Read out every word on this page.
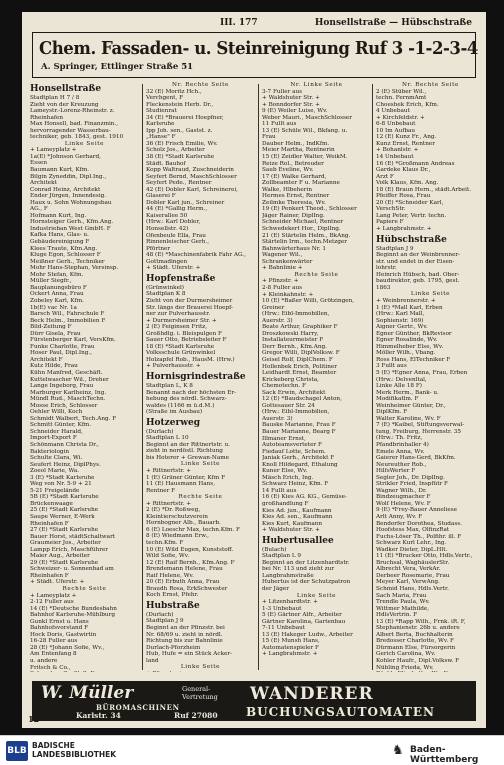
III. 177	Honsellstraße — Hübschstraße
Chem. Fassaden- u. Steinreinigung Ruf 3 -1-2-3-4
A. Springer, Ettlinger Straße 51
Honsellstraße
Stadtplan H 7 / 8
Zieht von der Kreuzung
Lameystr.-Lorenz-Rheinstr. z.
Rheinhafen
Max Honsell, bad. Finanzmin.,
hervorragender Wasserbau-
techniker, geb. 1843, gest. 1910
Linke Seite
+ Lameyplatz +
1a(E) *Johnson Gerhard,
Essen
Baumann Kurt, Kfm.
Bilgin Zyneddin, Dipl.Ing.,
Architekt
Conrad Heinz, Architekt
Ender Jürgen, Innendesig.
Haux u. Sohn Wohnungsbau
AG., F
Hofmann Kurt, Ing.
Hornsteiger Gerh., Kfm.Ang.
Industrieban West GmbH. F
Kafka Hans, Glas- u.
Gebäudereinigung F
Klees Traute, Kfm.Ang.
Kluge Egon, Schlosser F
Meißner Gerh., Techniker
Mohr Hans-Stephan, Versinsp.
Mohr Stefan, Kfm.
Müller Siegfr.,
Bauplanungsbüro F
Ockert Anna, Frau
Zobeley Karl, Kfm.
1b(E) vac Nr. 1a
Barsch Wil., Fahrschule F
Beck Helm., Immobilien F
Bild-Zeitung F
Dürr Gisela, Frau
Fürstenberger Karl, VersKfm.
Funke Charlotte, Frau
Hoser Paul, Dipl.Ing.,
Architekt F
Kutz Hilde, Frau
Kühn Manfred, Geschäft.
Kuttelwascher Wil., Dreher
Lange Ingeborg, Frau
Marburger Karlheinz, Ing.
Mündl Rud., MaschTechn.
Mosse Erich, Schlosser
Oehler Willi, Koch
Schmidt Walbert, Tech.Ang. F
Schmitt Günter, Kfm.
Schneider Harald,
Import-Export F
Schönmann Christa Dr.,
Bakteriologin
Schulte Clara, Wi.
Seufert Heinz, DiplPhys.
Zoeol Marie, Wa.
3 (E) *Stadt Karlsruhe
Weg von Nr. 5-9 + 21
5-21 Freigelände
5B (E) *Stadt Karlsruhe
Brückenwaage
25 (E) *Stadt Karlsruhe
Saupe Werner, E-Werk
Rheinhafen F
27 (E) *Stadt Karlsruhe
Bauer Horst, städtSchaltwart
Graumeier Jos., Arbeiter
Lampp Erich, Maschführer
Maier Aug., Arbeiter
29 (E) *Stadt Karlsruhe
Schweizer- u. Sonnenbad am
Rheinhafen F
+ Städt. Uferstr. +
Rechte Seite
+ Lameyplatz +
2-12 Fuller aus
14 (E) *Deutsche Bundesbahn
Bahnhof Karlsruhe-Mühlburg
Gunkl Ernst u. Hans
Bahnhofsvorstand F
Hock Doris, Gastwirtin
16-28 Fuller aus
28 (E) *Johann Sofie, Wv.,
Am Entenfang 8
u. andere
Fritsch & Co.,
Nr. Rechte Seite
32 (E) Moritz Hch.,
Verchgent, F
Fleckenstein Herb. Dr.,
Studienrat
34 (E) *Brauerei Hoepfner,
Karlsruhe
Ipp Joh. sen., Gastst. z.
„Hanse" F
36 (E) Frisch Emilie, Wv.
Scholz Jos., Arbeiter
38 (E) *Stadt Karlsruhe
Städt. Bauhof
Kopp Waltraud, Zuschneiderin
Seyfert Bernd, MaschSchlosser
Seyfert Pede., Rentner
42 (E) Dobler Karl, Schreinerei,
Glaserei F
Dobler Karl jun., Schreiner
44 (E) *Gallig Herm.,
Kaiserallee 50
(Hrw.: Karl Dobler,
Honsellstr. 42)
Ofenbeule Ella, Frau
Rinnenleischer Gerh.,
Pförtner
48 (E) *Maschinenfabrik Fahr AG.,
Gottmadingen
+ Städt. Uferstr. +
Hopfenstraße
(Grünwinkel)
Stadtplan K 8
Zieht von der Durmersheimer
Str. längs der Brauerei Hoepf-
ner zur Pulverhausstr.
+ Durmersheimer Str. +
2 (E) Feiginsen Fritz,
Großhdlg. i. Bleispulgen F
Sauer Otto, Betriebsleiter F
18 (E) *Stadt Karlsruhe
Volksschule Grünwinkel
Holzapfel Rob., HausM. (Hrw.)
+ Pulverhausstr. +
Hornisgrindestraße
Stadtplan L, K 8
Benannt nach der höchsten Er-
hebung des nördl. Schwarz-
waldes (1166 m ü.d.M.)
(Straße im Ausbau)
Hotzerweg
(Durlach)
Stadtplan L 10
Beginnt an der Rittnertstr. u.
zieht in nordöstl. Richtung
bis Hoterer + Grewan-Name
Linke Seite
+ Rittnertstr. +
1 (E) Grüner Günter, Kfm F
11 (E) Hausmann Hans,
Rentner F
Rechte Seite
+ Rittnertstr. +
2 (E) *Dr. Roßweg,
Kleintierschutzverein
Hornbogner Alb., Bauarb.
6 (E) Loeschr Max, techn.Kfm. F
8 (E) Wiedmann Erw.,
techn.Kfm. F
10 (E) Wild Eugen, Kunststoff.
Wild Sofie, Wv.
12 (E) Raif Bernh., Kfm.Ang. F
Brendemann Helene, Frau
Raif Helene, Wv.
20 (E) Erbuth Anna, Frau
Braudh Rosa, ErkSchwester
Koch Ernst, Pfehr.
Hubstraße
(Durlach)
Stadtplan J 9
Beginnt an der Pfinzstr. bei
Nr. 68/69 u. zieht in nördl.
Richtung bis zur Bahnlinie
Durlach-Pforzheim
Hub, Hufe = ein Stück Acker-
land
Linke Seite
Nr. Linke Seite
3-7 Fuller aus
+ Waldshuter Str. +
+ Bonndorfer Str. +
9 (E) Weiler Luise, Wv.
Weber Mauri., MaschSchlosser
11 Fullt aus
13 (E) Schüle Wil., Bkfang. u.
Frau
Dauber Helm., IndKfm.
Meier Martha, Rentnerin
15 (E) Zeidler Walter, WeikM.
Reize Rol., Betreuder
Saub Eveline, Wv.
17 (E) Walke Gerhard,
Zollbeamter F u. Marianne
Walke, Hlbeherin
Hermes Ernst, Rentner
Zeilmke Theresia, Wv.
19 (E) Penkert Theod., Schlosser
Jäger Rainer, DiplIng.
Schneider Michael, Rentner
Schwedekert Hor., DiplIng.
21 (E) Stärtelin Helm., BkAng.
Stärtelin Irm., techn.Metzger
Bahnwärterhaus Nr. 1
Wagener Wil.,
Schrankenwärter
+ Bahnlinie +
Rechte Seite
+ Pfinzstr. +
2-8 Fuller aus
+ Kleinkahnstr. +
10 (E) *Baßer Willi, Grötzingen,
Greiner
(Hrw.: Eibl-Immobillen,
Auerstr. 3)
Beate Arthur, Graphiker F
Droszkowski Harry,
Installateurmeister F
Derr Bernh., Kfm.Ang.
Gregor Willi, DiplVolksw. F
Geisel Rolf, DiplChem. F
Hollenbek Erich, Politiner
Leidhardt Ernst, Beamter
Krickeberg Christa,
Chemotechn. F
Sack Erwin, Architekt
12 (E) *Baudschagel Anton,
Gottesauer Str. 24
(Hrw.: Eibl-Immobilien,
Auerstr. 3)
Bauske Marianne, Frau F
Bauer Marianne, Bearg F
Illmaner Ernst,
Autoteamsverteter F
Fiedauf Lotte, Schem.
Janiak Gerh., Architekt F
Knoll Hildegard, Ethalung
Kuner Else, Wv.
Mäsch Erich, Ing.
Schwarz Heinz, Kfm. F
14 Fullt aus
16 (E) Kies AG. KG., Gemüse-
großhandlung F
Kies Ad. jun., Kaufmann
Kies Ad. sen., Kaufmann
Kies Kurt, Kaufmann
+ Waldshuter Str. +
Hubertusallee
(Bulach)
Stadtplan L 9
Beginnt an der Litzenhardtstr.
bei Nr. 113 und zieht zur
Langbrahmstraße
Hubertus ist der Schutzpatron
der Jäger
Linke Seite
+ Litzenhardtstr. +
1-3 Unbebaut
5 (E) Gärtner Alfr., Arbeiter
Gärtner Karolina, Gartenbau
7-11 Unbebaut
13 (E) Hakeger Ludw., Arbeiter
15 (E) Munsh Hans,
Automatenspieler F
+ Langbrahmstr. +
Nr. Rechte Seite
2 (E) Stüber Wil.,
techn. FernmAmt
Choeshek Erich, Kfm.
4 Unbebaut
+ Kirchfeldstr. +
6-8 Unbebaut
10 Im Aufbau
12 (E) Kunz Fr., Ang.
Kunz Ernst, Rentner
+ Bohanlstr. +
14 Unbebaut
16 (E) *Großmann Andreas
Gardeke Klaus Dr.,
Arzt F
Volk Klaus, Kfm. Ang.
18 (E) Braun Hern., städt.Arbeit.
Pfeiffer Rosa, Frau
20 (E) *Schneider Karl,
VerschStr.
Lang Peter, Vertr. techn.
Papiere F
+ Langbrahmstr. +
Hübschstraße
Stadtplan J 9
Beginnt an der Weinbrenner-
str. und endet in der Eisen-
lohrstr.
Heinrich Hübsch, bad. Ober-
baudirektor, geb. 1795, gest.
1863
Linke Seite
+ Weinbrennerstr. +
1 (E) *Mall Karl, Erben
(Hrw.: Karl Mall,
Sophienstr. 169)
Aigner Gertr., Wv.
Egner Günther, BkRevisor
Egner Rosalinde, Wv.
Himmelheber Else, Wv.
Möller Wilh., Vbang.
Ross Hans, ElTechniker F
3 Fullt aus
5 (E) *Egner Anna, Frau, Erben
(Hrw.: Delvenltal,
Linke Alle 18 F)
Merk Herm., Bank- u.
Modifikatlm. F
Weinheimer Günter, Dr.,
DiplKfm. F
Walter Karoline, Wv. F
7 (E) *Kaibel, Stiftungsverwal-
tung, Freiburg, Herrenstr. 35
(Hrw.: Th. Fritz,
Pfandbrinhaller 4)
Emele Anna, Wv.
Gaierer Hans-Gerd, BkKfm.
Neureuther Rob.,
HilfsWerter F
Segler Joh., Dr. DiplIng.
Strikler Fried, Inspfütr F
Wagner Wilh., Dr.
Bindzeugmacher F
Wolf Helene, Wv. F
9 (E) *Frey-Bauer Anneliese
Arlt Anny, Wv. F
Bendorfer Dorothea, Studass.
Hoofstess Max, OlfinzRat
Fuchs-Löser Th., Polfihr. ill. F
Schwarz Kurl Lehr., Ing.
Wadker Dieter, DipL.Hlt.
11 (E) *Brucker Otto, Hdls.Vertr.,
Bruchsal, WaghäuslerStr.
Albrecht Vera, VerkÄr.
Derbeer Rosemarie, Frau
Meyer Karl, VerwAng.
Schmid Hans, Hdls.Vertr.
Sach Maria, Frau
Trendle Paula, Wv.
Wittmer Mathilde,
HdlsVertrin. F
13 (E) *Rapp Wilh., Frnk. iR. F,
Stephanienstr. 26b u. andere
Albert Berta, Buchhalterin
Bredosser Charlotte, Wv. F
Dürmann Else, Fürsorgerin
Gerich Carolina, Wv.
Kohler Haufr., Dipl.Volksw. F
Nübling Frieda, Wv.
W. Müller	General-
Vertretung WANDERER
BÜROMASCHINEN
Karlstr. 34	Ruf 27080 BUCHUNGSAUTOMATEN
12
BLB
BADISCHE
LANDESBIBLIOTHEK	♞ Baden-Württemberg
